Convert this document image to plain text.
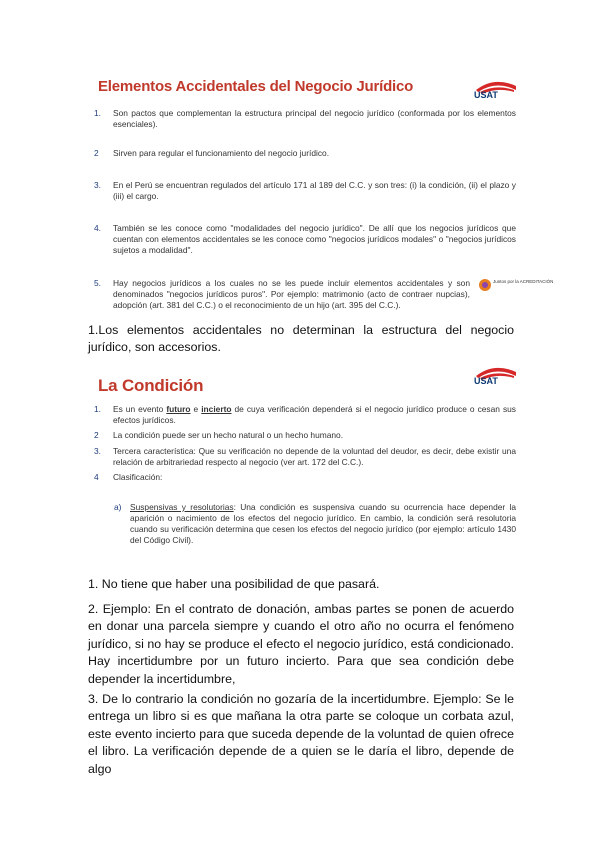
Elementos Accidentales del Negocio Jurídico	USAT
1. Son pactos que complementan la estructura principal del negocio jurídico (conformada por los elementos esenciales).
2 Sirven para regular el funcionamiento del negocio jurídico.
3. En el Perú se encuentran regulados del artículo 171 al 189 del C.C. y son tres: (i) la condición, (ii) el plazo y (iii) el cargo.
4. También se les conoce como "modalidades del negocio jurídico". De allí que los negocios jurídicos que cuentan con elementos accidentales se les conoce como "negocios jurídicos modales" o "negocios jurídicos sujetos a modalidad".
5. Hay negocios jurídicos a los cuales no se les puede incluir elementos accidentales y son denominados "negocios jurídicos puros". Por ejemplo: matrimonio (acto de contraer nupcias), adopción (art. 381 del C.C.) o el reconocimiento de un hijo (art. 395 del C.C.).
Juntos por la ACREDITACIÓN

1.Los elementos accidentales no determinan la estructura del negocio jurídico, son accesorios.

La Condición	USAT
1. Es un evento futuro e incierto de cuya verificación dependerá si el negocio jurídico produce o cesan sus efectos jurídicos.
2 La condición puede ser un hecho natural o un hecho humano.
3. Tercera característica: Que su verificación no depende de la voluntad del deudor, es decir, debe existir una relación de arbitrariedad respecto al negocio (ver art. 172 del C.C.).
4 Clasificación:
a) Suspensivas y resolutorias: Una condición es suspensiva cuando su ocurrencia hace depender la aparición o nacimiento de los efectos del negocio jurídico. En cambio, la condición será resolutoria cuando su verificación determina que cesen los efectos del negocio jurídico (por ejemplo: artículo 1430 del Código Civil).

1. No tiene que haber una posibilidad de que pasará.

2. Ejemplo: En el contrato de donación, ambas partes se ponen de acuerdo en donar una parcela siempre y cuando el otro año no ocurra el fenómeno jurídico, si no hay se produce el efecto el negocio jurídico, está condicionado. Hay incertidumbre por un futuro incierto. Para que sea condición debe depender la incertidumbre,

3. De lo contrario la condición no gozaría de la incertidumbre. Ejemplo: Se le entrega un libro si es que mañana la otra parte se coloque un corbata azul, este evento incierto para que suceda depende de la voluntad de quien ofrece el libro. La verificación depende de a quien se le daría el libro, depende de algo
